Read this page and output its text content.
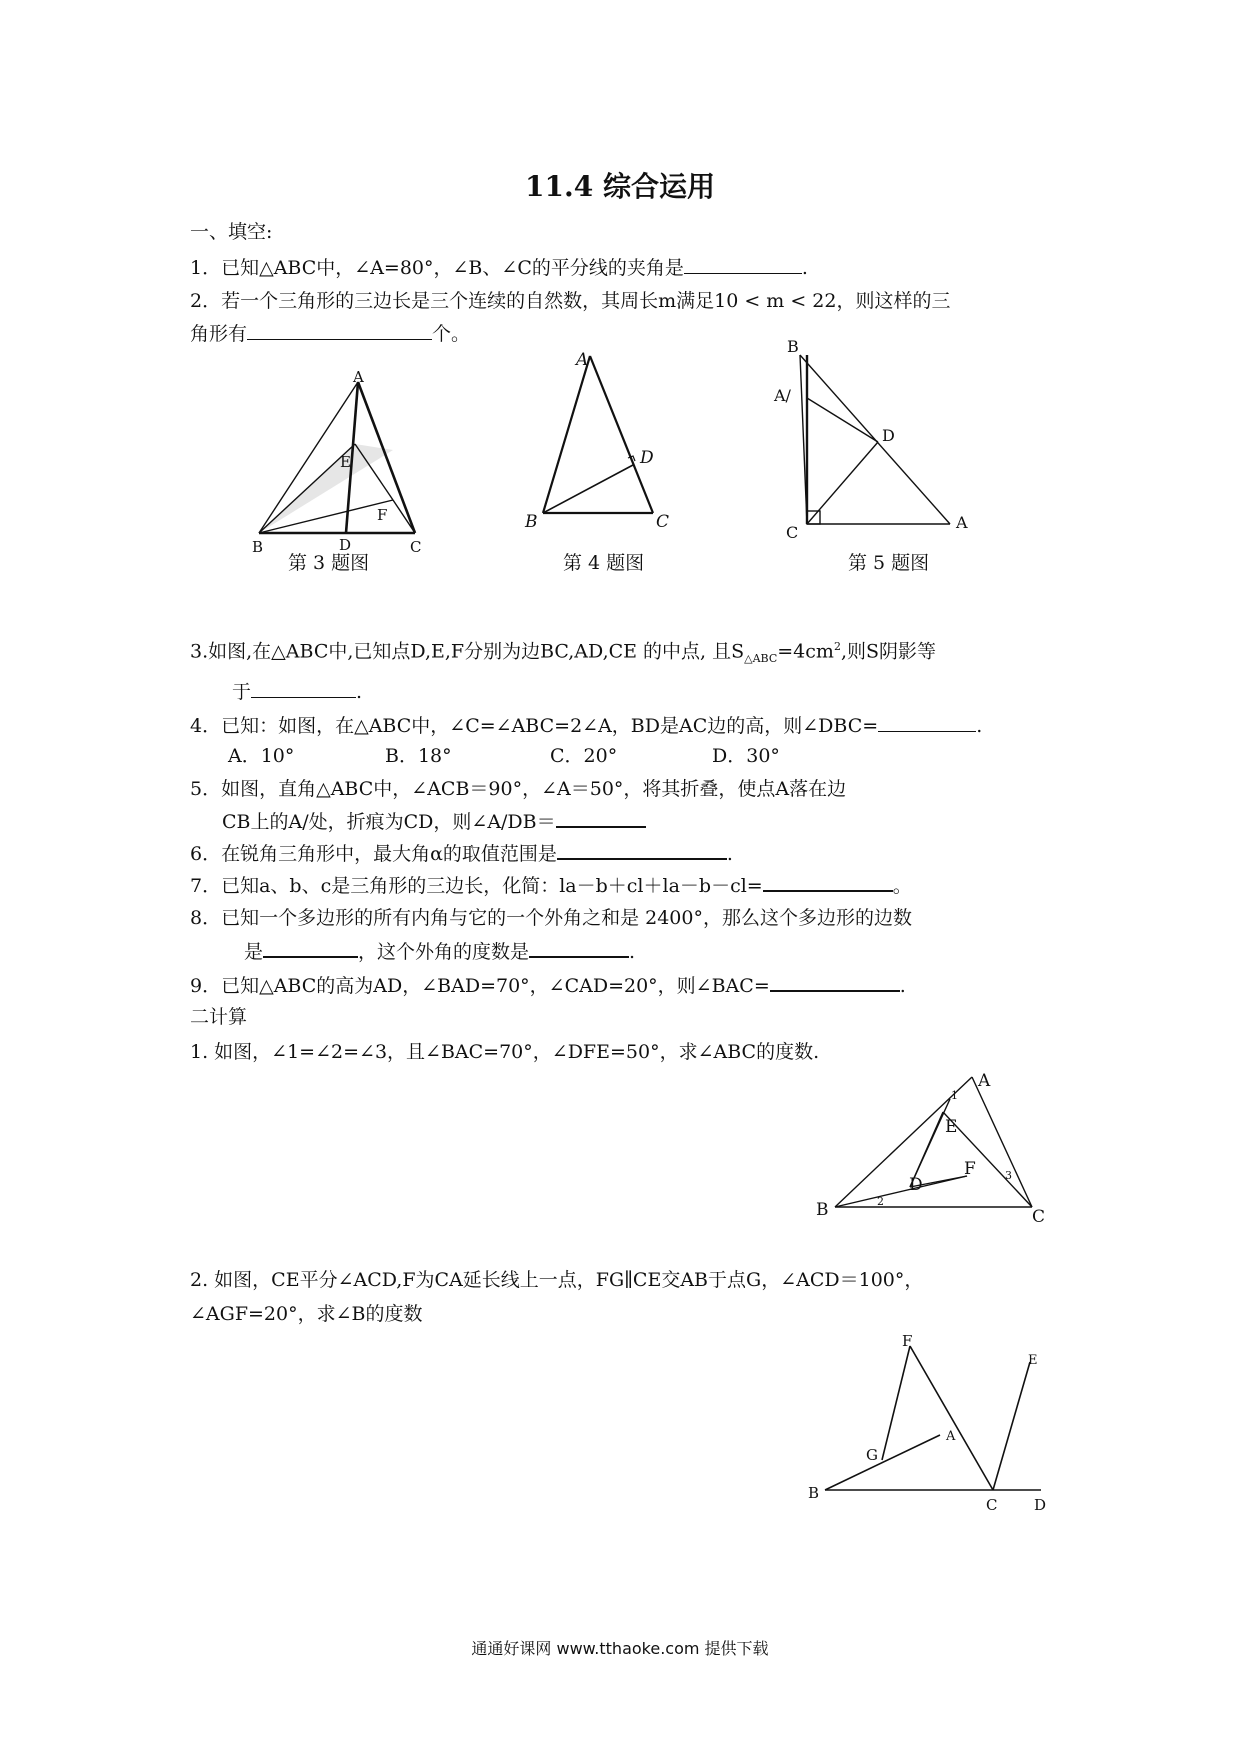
11.4 综合运用
一、填空:
1．已知△ABC中，∠A=80°，∠B、∠C的平分线的夹角是	.
2．若一个三角形的三边长是三个连续的自然数，其周长m满足10 < m < 22，则这样的三
角形有	个。
A
E
F
B	D	C
第 3 题图
A
D
B	C
第 4 题图
B
A/
D
C
A
第 5 题图
3.如图,在△ABC中,已知点D,E,F分别为边BC,AD,CE 的中点, 且$S_{\triangle ABC}=4cm^2$,则S阴影等
于	.
4．已知：如图，在△ABC中，∠C=∠ABC=2∠A，BD是AC边的高，则∠DBC=	.
A．10°	B．18°	C．20°	D．30°
5．如图，直角△ABC中，∠ACB＝90°，∠A＝50°，将其折叠，使点A落在边
CB上的A/处，折痕为CD，则∠A/DB＝
6．在锐角三角形中，最大角α的取值范围是	.
7．已知a、b、c是三角形的三边长，化简：la－b＋cl＋la－b－cl=	。
8．已知一个多边形的所有内角与它的一个外角之和是 2400°，那么这个多边形的边数
是	，这个外角的度数是	.
9．已知△ABC的高为AD，∠BAD=70°，∠CAD=20°，则∠BAC=	.
二计算
1. 如图，∠1=∠2=∠3，且∠BAC=70°，∠DFE=50°，求∠ABC的度数.
A
E
F
D
B	C
1
2
3
2. 如图，CE平分∠ACD,F为CA延长线上一点，FG∥CE交AB于点G，∠ACD＝100°，
∠AGF=20°，求∠B的度数
F
A
E
G
B
C D
通通好课网 www.tthaoke.com 提供下载
